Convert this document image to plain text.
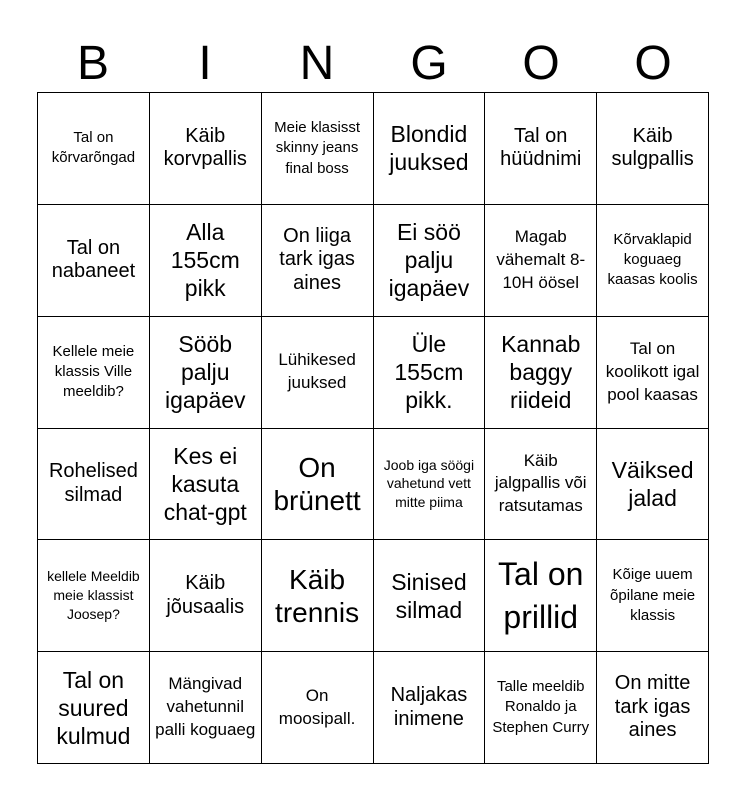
B	I	N	G	O	O
Tal on kõrvarõngad
Käib korvpallis
Meie klasisst skinny jeans final boss
Blondid juuksed
Tal on hüüdnimi
Käib sulgpallis
Tal on nabaneet
Alla 155cm pikk
On liiga tark igas aines
Ei söö palju igapäev
Magab vähemalt 8-10H öösel
Kõrvaklapid koguaeg kaasas koolis
Kellele meie klassis Ville meeldib?
Sööb palju igapäev
Lühikesed juuksed
Üle 155cm pikk.
Kannab baggy riideid
Tal on koolikott igal pool kaasas
Rohelised silmad
Kes ei kasuta chat-gpt
On brünett
Joob iga söögi vahetund vett mitte piima
Käib jalgpallis või ratsutamas
Väiksed jalad
kellele Meeldib meie klassist Joosep?
Käib jõusaalis
Käib trennis
Sinised silmad
Tal on prillid
Kõige uuem õpilane meie klassis
Tal on suured kulmud
Mängivad vahetunnil palli koguaeg
On moosipall.
Naljakas inimene
Talle meeldib Ronaldo ja Stephen Curry
On mitte tark igas aines
